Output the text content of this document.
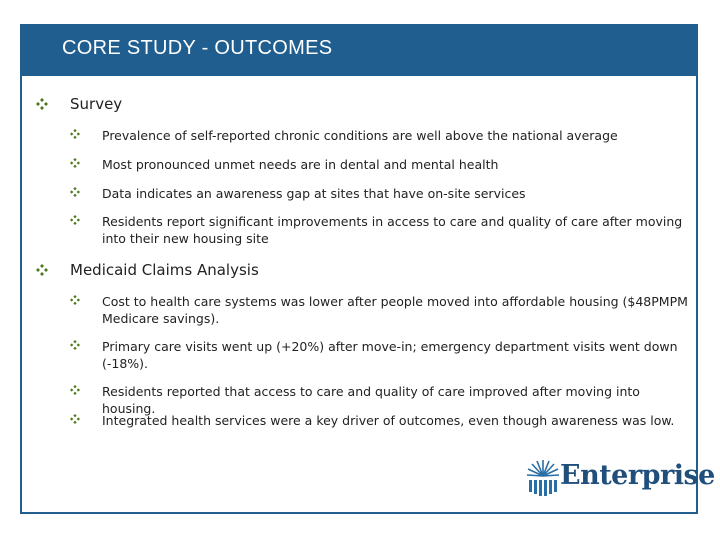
CORE STUDY - OUTCOMES
Survey
Prevalence of self-reported chronic conditions are well above the national average
Most pronounced unmet needs are in dental and mental health
Data indicates an awareness gap at sites that have on-site services
Residents report significant improvements in access to care and quality of care after moving into their new housing site
Medicaid Claims Analysis
Cost to health care systems was lower after people moved into affordable housing ($48PMPM Medicare savings).
Primary care visits went up (+20%) after move-in; emergency department visits went down (-18%).
Residents reported that access to care and quality of care improved after moving into housing.
Integrated health services were a key driver of outcomes, even though awareness was low.
Enterprise
